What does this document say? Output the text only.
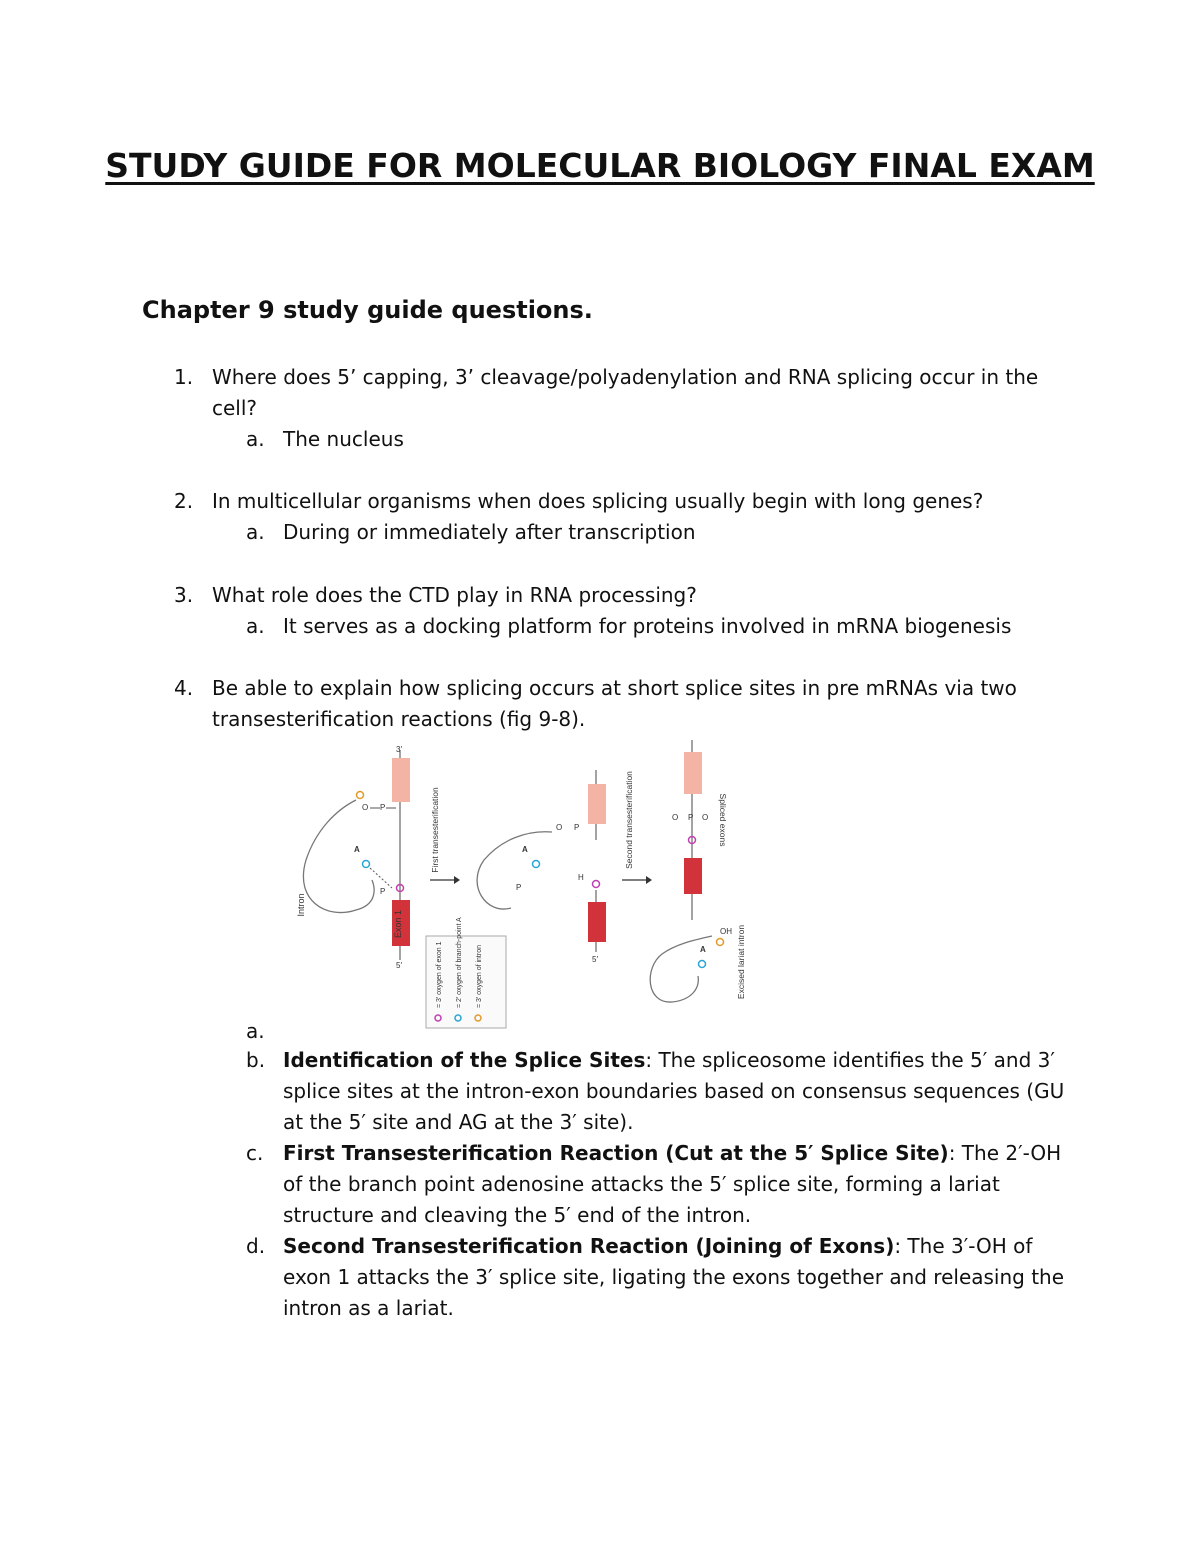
STUDY GUIDE FOR MOLECULAR BIOLOGY FINAL EXAM
Chapter 9 study guide questions.
1. Where does 5’ capping, 3’ cleavage/polyadenylation and RNA splicing occur in the cell?
a. The nucleus
2. In multicellular organisms when does splicing usually begin with long genes?
a. During or immediately after transcription
3. What role does the CTD play in RNA processing?
a. It serves as a docking platform for proteins involved in mRNA biogenesis
4. Be able to explain how splicing occurs at short splice sites in pre mRNAs via two transesterification reactions (fig 9-8).
O P
Intron
A
P
Exon 1
5′
3′
First transesterification
= 3′ oxygen of exon 1 = 2′ oxygen of branch-point A = 3′ oxygen of intron
O P
A
P
H
5′
Second transesterification	O P O Spliced exons
A
OH Excised lariat intron
a.
b. Identification of the Splice Sites: The spliceosome identifies the 5′ and 3′ splice sites at the intron-exon boundaries based on consensus sequences (GU at the 5′ site and AG at the 3′ site).
c. First Transesterification Reaction (Cut at the 5′ Splice Site): The 2′-OH of the branch point adenosine attacks the 5′ splice site, forming a lariat structure and cleaving the 5′ end of the intron.
d. Second Transesterification Reaction (Joining of Exons): The 3′-OH of exon 1 attacks the 3′ splice site, ligating the exons together and releasing the intron as a lariat.
